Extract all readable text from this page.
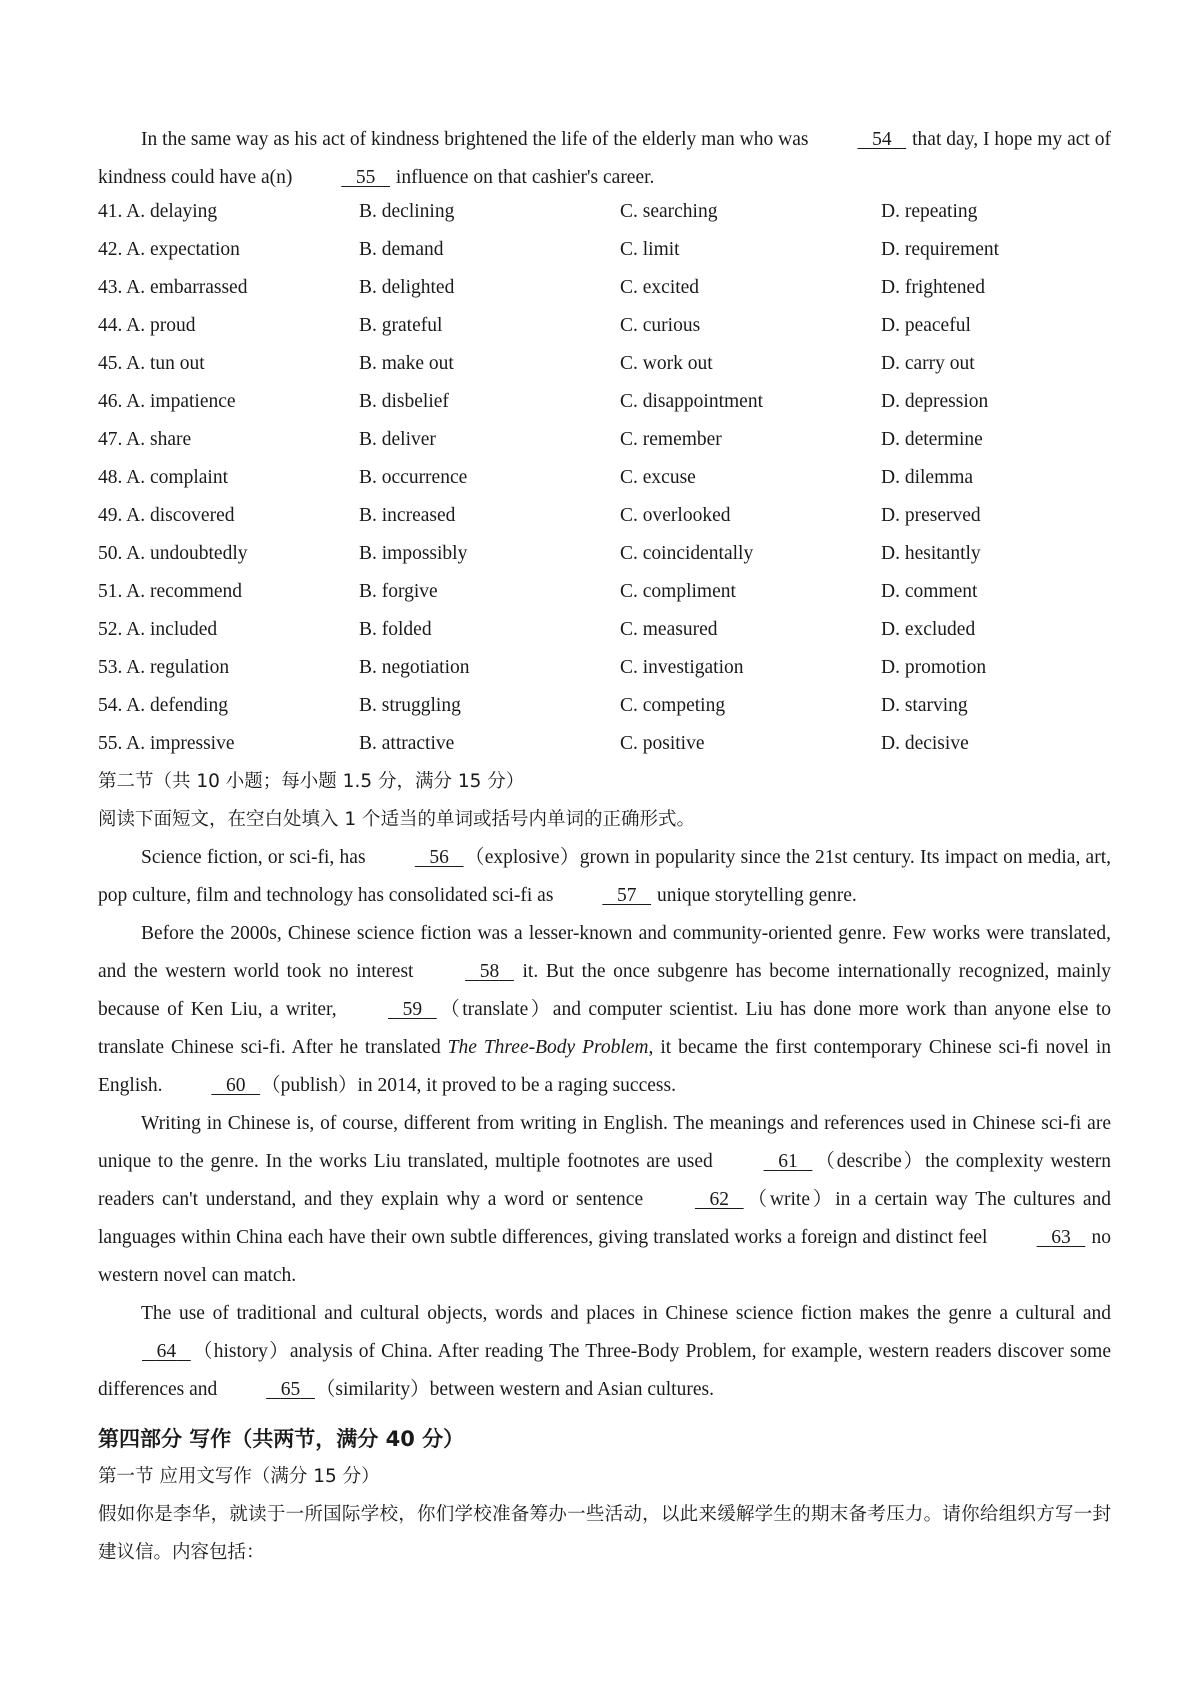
In the same way as his act of kindness brightened the life of the elderly man who was	54 that day, I hope my act of kindness could have a(n)	55 influence on that cashier's career.

41. A. delaying	B. declining	C. searching	D. repeating
42. A. expectation	B. demand	C. limit	D. requirement
43. A. embarrassed	B. delighted	C. excited	D. frightened
44. A. proud	B. grateful	C. curious	D. peaceful
45. A. tun out	B. make out	C. work out	D. carry out
46. A. impatience	B. disbelief	C. disappointment	D. depression
47. A. share	B. deliver	C. remember	D. determine
48. A. complaint	B. occurrence	C. excuse	D. dilemma
49. A. discovered	B. increased	C. overlooked	D. preserved
50. A. undoubtedly	B. impossibly	C. coincidentally	D. hesitantly
51. A. recommend	B. forgive	C. compliment	D. comment
52. A. included	B. folded	C. measured	D. excluded
53. A. regulation	B. negotiation	C. investigation	D. promotion
54. A. defending	B. struggling	C. competing	D. starving
55. A. impressive	B. attractive	C. positive	D. decisive

第二节（共 10 小题；每小题 1.5 分，满分 15 分）

阅读下面短文，在空白处填入 1 个适当的单词或括号内单词的正确形式。

Science fiction, or sci-fi, has	56 （explosive）grown in popularity since the 21st century. Its impact on media, art, pop culture, film and technology has consolidated sci-fi as	57 unique storytelling genre.

Before the 2000s, Chinese science fiction was a lesser-known and community-oriented genre. Few works were translated, and the western world took no interest	58 it. But the once subgenre has become internationally recognized, mainly because of Ken Liu, a writer,	59 （translate）and computer scientist. Liu has done more work than anyone else to translate Chinese sci-fi. After he translated The Three-Body Problem, it became the first contemporary Chinese sci-fi novel in English.	60 （publish）in 2014, it proved to be a raging success.

Writing in Chinese is, of course, different from writing in English. The meanings and references used in Chinese sci-fi are unique to the genre. In the works Liu translated, multiple footnotes are used	61 （describe）the complexity western readers can't understand, and they explain why a word or sentence	62 （write）in a certain way The cultures and languages within China each have their own subtle differences, giving translated works a foreign and distinct feel	63 no western novel can match.

The use of traditional and cultural objects, words and places in Chinese science fiction makes the genre a cultural and    64 （history）analysis of China. After reading The Three-Body Problem, for example, western readers discover some differences and	65 （similarity）between western and Asian cultures.

第四部分 写作（共两节，满分 40 分）

第一节 应用文写作（满分 15 分）

假如你是李华，就读于一所国际学校，你们学校准备筹办一些活动，以此来缓解学生的期末备考压力。请你给组织方写一封建议信。内容包括：
